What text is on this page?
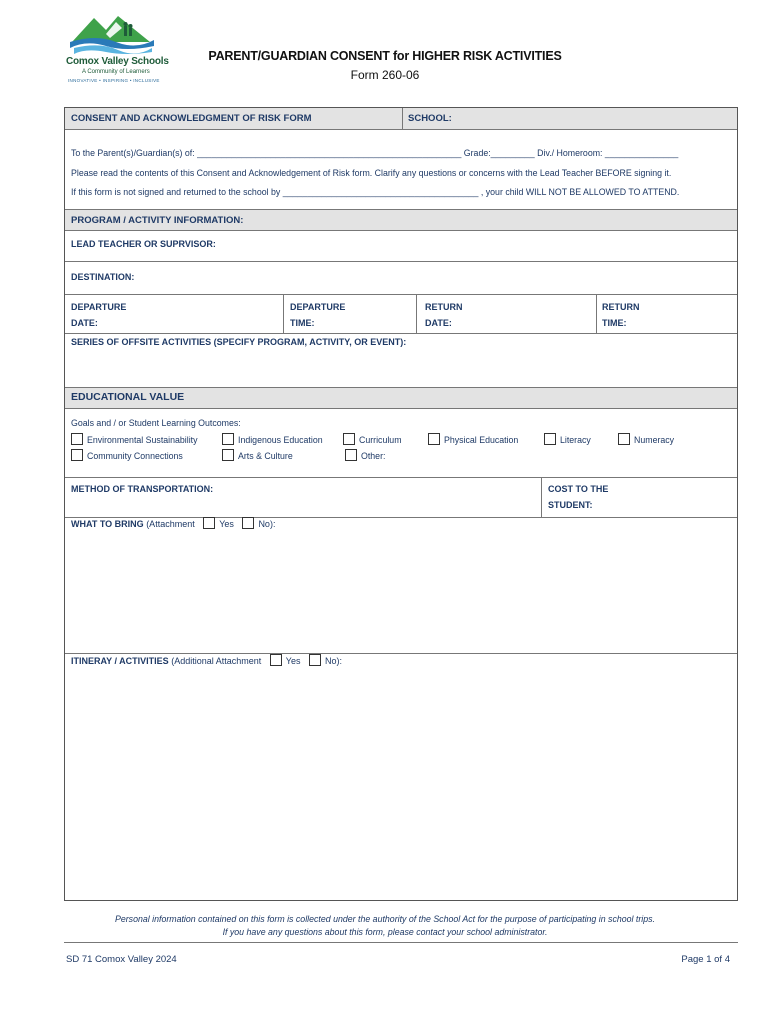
Comox Valley Schools
A Community of Learners
INNOVATIVE • INSPIRING • INCLUSIVE
PARENT/GUARDIAN CONSENT for HIGHER RISK ACTIVITIES
Form 260-06
CONSENT AND ACKNOWLEDGMENT OF RISK FORM	SCHOOL:
To the Parent(s)/Guardian(s) of: ______________________________________________________ Grade:_________ Div./ Homeroom: _______________
Please read the contents of this Consent and Acknowledgement of Risk form. Clarify any questions or concerns with the Lead Teacher BEFORE signing it.
If this form is not signed and returned to the school by ________________________________________ , your child WILL NOT BE ALLOWED TO ATTEND.
PROGRAM / ACTIVITY INFORMATION:
LEAD TEACHER OR SUPRVISOR:
DESTINATION:
DEPARTURE
DATE:
DEPARTURE
TIME:
RETURN
DATE:
RETURN
TIME:
SERIES OF OFFSITE ACTIVITIES (SPECIFY PROGRAM, ACTIVITY, OR EVENT):
EDUCATIONAL VALUE
Goals and / or Student Learning Outcomes:
Environmental Sustainability	Indigenous Education	Curriculum	Physical Education	Literacy	Numeracy
Community Connections	Arts & Culture	Other:
METHOD OF TRANSPORTATION:	COST TO THE
STUDENT:
WHAT TO BRING (Attachment	Yes	No):
ITINERAY / ACTIVITIES (Additional Attachment	Yes	No):
Personal information contained on this form is collected under the authority of the School Act for the purpose of participating in school trips.
If you have any questions about this form, please contact your school administrator.
SD 71 Comox Valley 2024	Page 1 of 4
